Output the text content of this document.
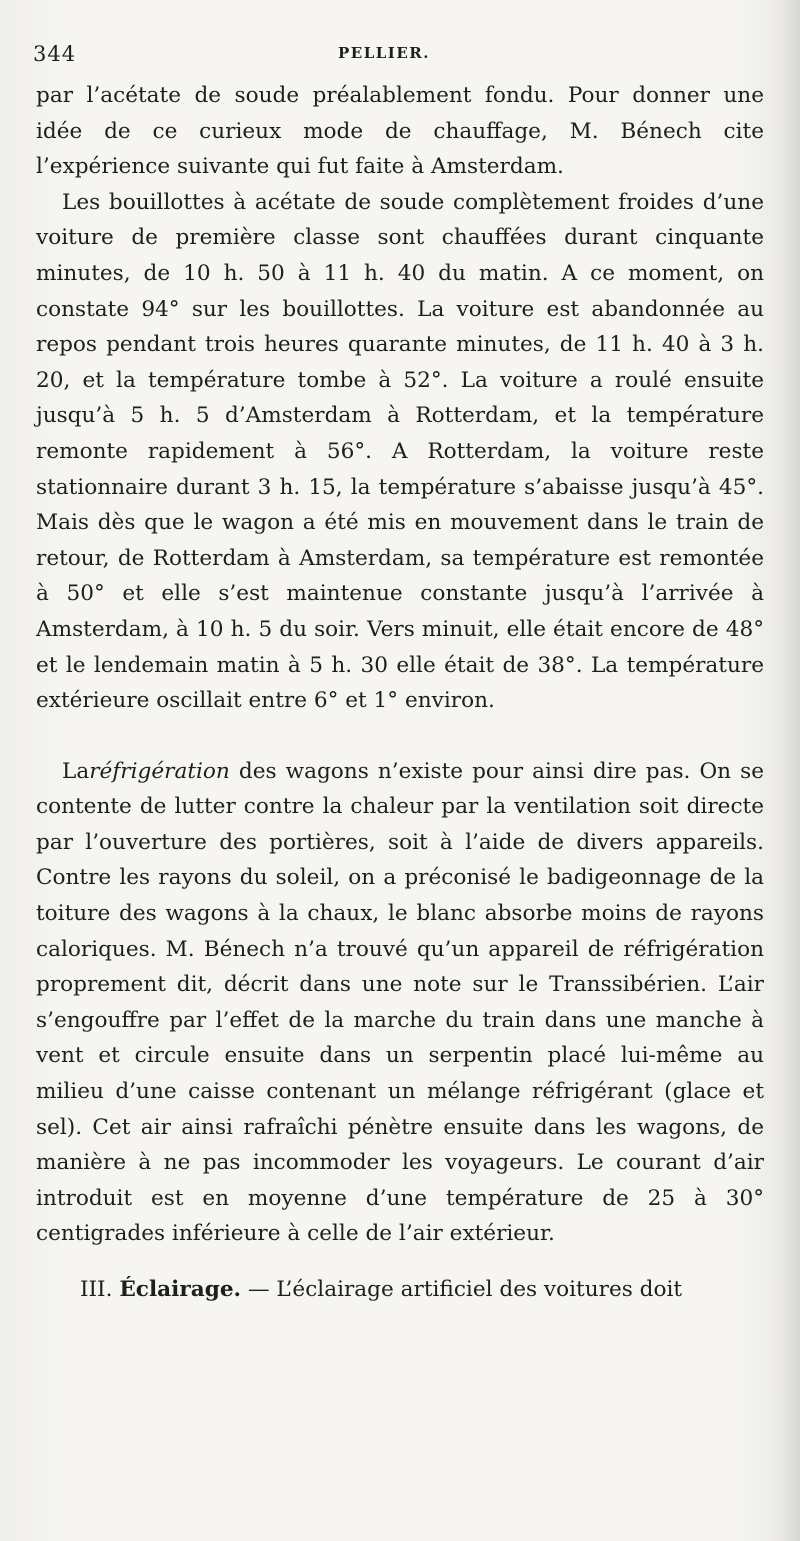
344	PELLIER.

par l’acétate de soude préalablement fondu. Pour donner une idée de ce curieux mode de chauffage, M. Bénech cite l’expérience suivante qui fut faite à Amsterdam.

Les bouillottes à acétate de soude complètement froides d’une voiture de première classe sont chauffées durant cinquante minutes, de 10 h. 50 à 11 h. 40 du matin. A ce moment, on constate 94° sur les bouillottes. La voiture est abandonnée au repos pendant trois heures quarante minutes, de 11 h. 40 à 3 h. 20, et la température tombe à 52°. La voiture a roulé ensuite jusqu’à 5 h. 5 d’Amsterdam à Rotterdam, et la température remonte rapidement à 56°. A Rotterdam, la voiture reste stationnaire durant 3 h. 15, la température s’abaisse jusqu’à 45°. Mais dès que le wagon a été mis en mouvement dans le train de retour, de Rotterdam à Amsterdam, sa température est remontée à 50° et elle s’est maintenue constante jusqu’à l’arrivée à Amsterdam, à 10 h. 5 du soir. Vers minuit, elle était encore de 48° et le lendemain matin à 5 h. 30 elle était de 38°. La température extérieure oscillait entre 6° et 1° environ.

Laréfrigération des wagons n’existe pour ainsi dire pas. On se contente de lutter contre la chaleur par la ventilation soit directe par l’ouverture des portières, soit à l’aide de divers appareils. Contre les rayons du soleil, on a préconisé le badigeonnage de la toiture des wagons à la chaux, le blanc absorbe moins de rayons caloriques. M. Bénech n’a trouvé qu’un appareil de réfrigération proprement dit, décrit dans une note sur le Transsibérien. L’air s’engouffre par l’effet de la marche du train dans une manche à vent et circule ensuite dans un serpentin placé lui-même au milieu d’une caisse contenant un mélange réfrigérant (glace et sel). Cet air ainsi rafraîchi pénètre ensuite dans les wagons, de manière à ne pas incommoder les voyageurs. Le courant d’air introduit est en moyenne d’une température de 25 à 30° centigrades inférieure à celle de l’air extérieur.

III. Éclairage. — L’éclairage artificiel des voitures doit
